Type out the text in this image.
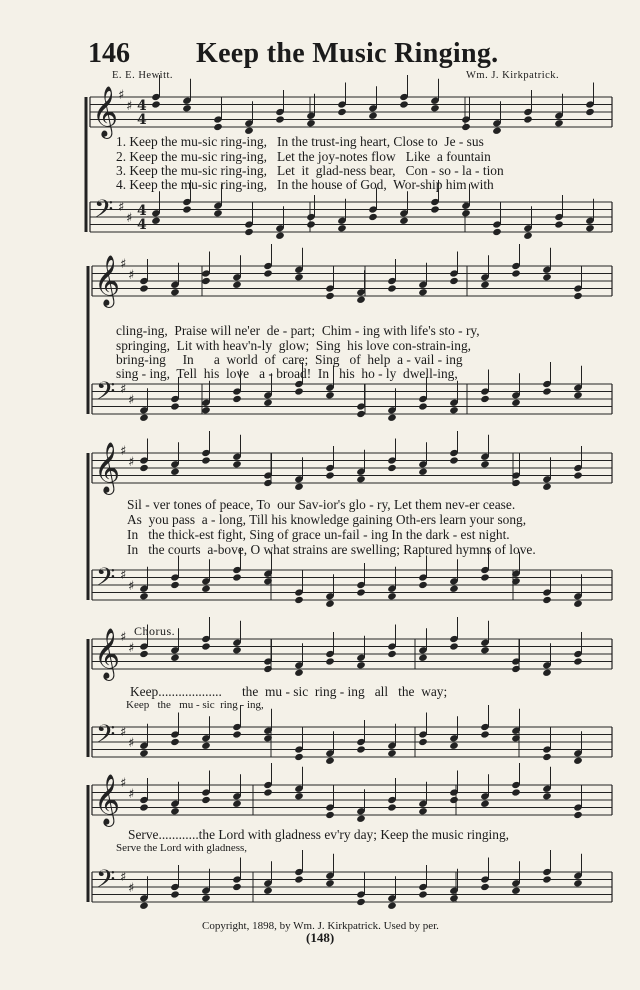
146 Keep the Music Ringing.
E. E. Hewitt.	Wm. J. Kirkpatrick.
𝄞
𝄢
♯
♯
♯
♯
4
4
4
4
𝄞
𝄢
♯
♯
♯
♯
𝄞
𝄢
♯
♯
♯
♯
𝄞
𝄢
♯
♯
♯
♯
𝄞
𝄢
♯
♯
♯
♯
1. Keep the mu-sic ring-ing,   In the trust-ing heart, Close to  Je - sus
2. Keep the mu-sic ring-ing,   Let the joy-notes flow   Like  a fountain
3. Keep the mu-sic ring-ing,   Let  it  glad-ness bear,   Con - so - la - tion
4. Keep the mu-sic ring-ing,   In the house of God,  Wor-ship him with
cling-ing,  Praise will ne'er  de - part;  Chim - ing with life's sto - ry,
springing,  Lit with heav'n-ly  glow;  Sing  his love con-strain-ing,
bring-ing     In      a  world  of  care;  Sing   of  help  a - vail - ing
sing - ing,  Tell  his  love   a - broad!  In   his  ho - ly  dwell-ing,
Sil - ver tones of peace, To  our Sav-ior's glo - ry, Let them nev-er cease.
As  you pass  a - long, Till his knowledge gaining Oth-ers learn your song,
In   the thick-est fight, Sing of grace un-fail - ing In the dark - est night.
In   the courts  a-bove, O what strains are swelling; Raptured hymns of love.
Chorus.
Keep...................      the  mu - sic  ring - ing   all   the  way;
Keep   the   mu - sic  ring - ing,
Serve............the Lord with gladness ev'ry day; Keep the music ringing,
Serve the Lord with gladness,
Copyright, 1898, by Wm. J. Kirkpatrick. Used by per.
(148)
